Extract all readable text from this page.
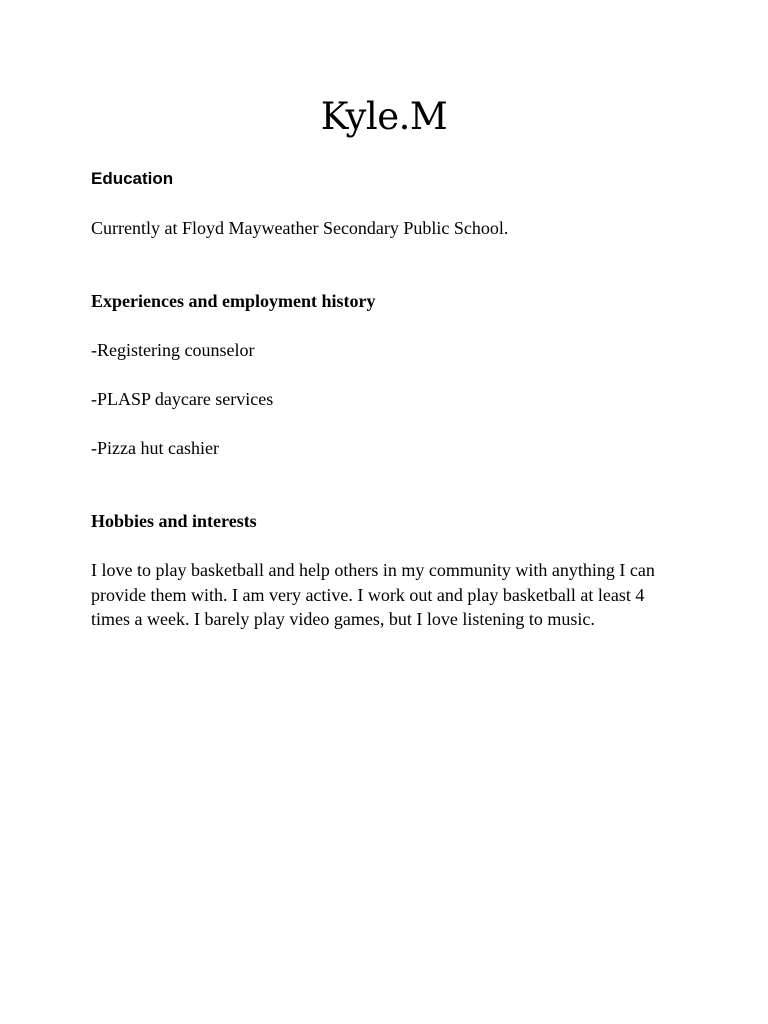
Kyle.M
Education
Currently at Floyd Mayweather Secondary Public School.
Experiences and employment history
-Registering counselor
-PLASP daycare services
-Pizza hut cashier
Hobbies and interests
I love to play basketball and help others in my community with anything I can
provide them with. I am very active. I work out and play basketball at least 4
times a week. I barely play video games, but I love listening to music.
